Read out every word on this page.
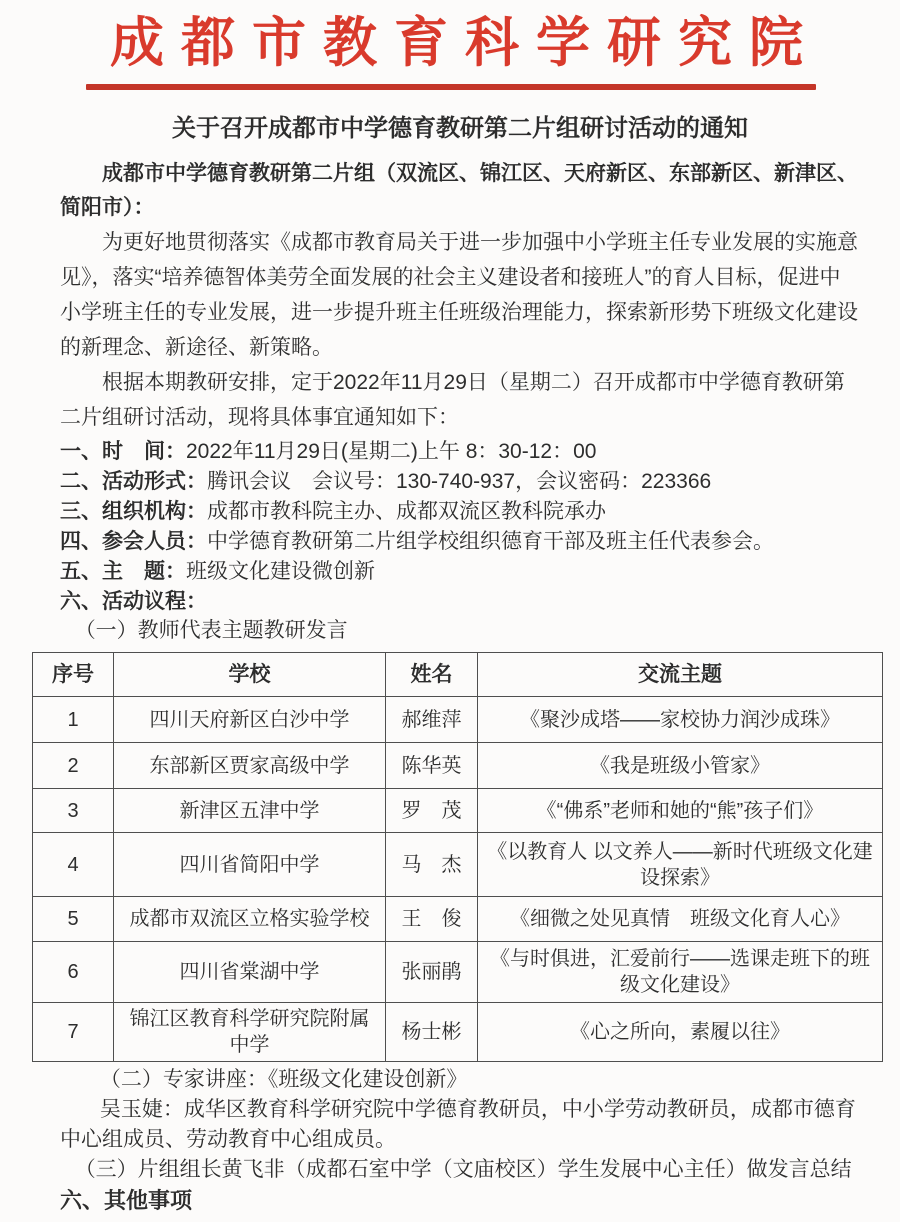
成都市教育科学研究院
关于召开成都市中学德育教研第二片组研讨活动的通知

成都市中学德育教研第二片组（双流区、锦江区、天府新区、东部新区、新津区、简阳市）：

为更好地贯彻落实《成都市教育局关于进一步加强中小学班主任专业发展的实施意见》，落实“培养德智体美劳全面发展的社会主义建设者和接班人”的育人目标，促进中小学班主任的专业发展，进一步提升班主任班级治理能力，探索新形势下班级文化建设的新理念、新途径、新策略。

根据本期教研安排，定于2022年11月29日（星期二）召开成都市中学德育教研第二片组研讨活动，现将具体事宜通知如下：

一、时　间：2022年11月29日(星期二)上午 8：30-12：00
二、活动形式：腾讯会议　会议号：130-740-937，会议密码：223366
三、组织机构：成都市教科院主办、成都双流区教科院承办
四、参会人员：中学德育教研第二片组学校组织德育干部及班主任代表参会。
五、主　题：班级文化建设微创新
六、活动议程：

（一）教师代表主题教研发言

序号	学校	姓名	交流主题
1	四川天府新区白沙中学	郝维萍	《聚沙成塔——家校协力润沙成珠》
2	东部新区贾家高级中学	陈华英	《我是班级小管家》
3	新津区五津中学	罗　茂	《“佛系”老师和她的“熊”孩子们》
4	四川省简阳中学	马　杰	《以教育人 以文养人——新时代班级文化建设探索》
5	成都市双流区立格实验学校	王　俊	《细微之处见真情　班级文化育人心》
6	四川省棠湖中学	张丽鹃	《与时俱进，汇爱前行——选课走班下的班级文化建设》
7	锦江区教育科学研究院附属中学	杨士彬	《心之所向，素履以往》

（二）专家讲座：《班级文化建设创新》

吴玉婕：成华区教育科学研究院中学德育教研员，中小学劳动教研员，成都市德育中心组成员、劳动教育中心组成员。

（三）片组组长黄飞非（成都石室中学（文庙校区）学生发展中心主任）做发言总结

六、其他事项
